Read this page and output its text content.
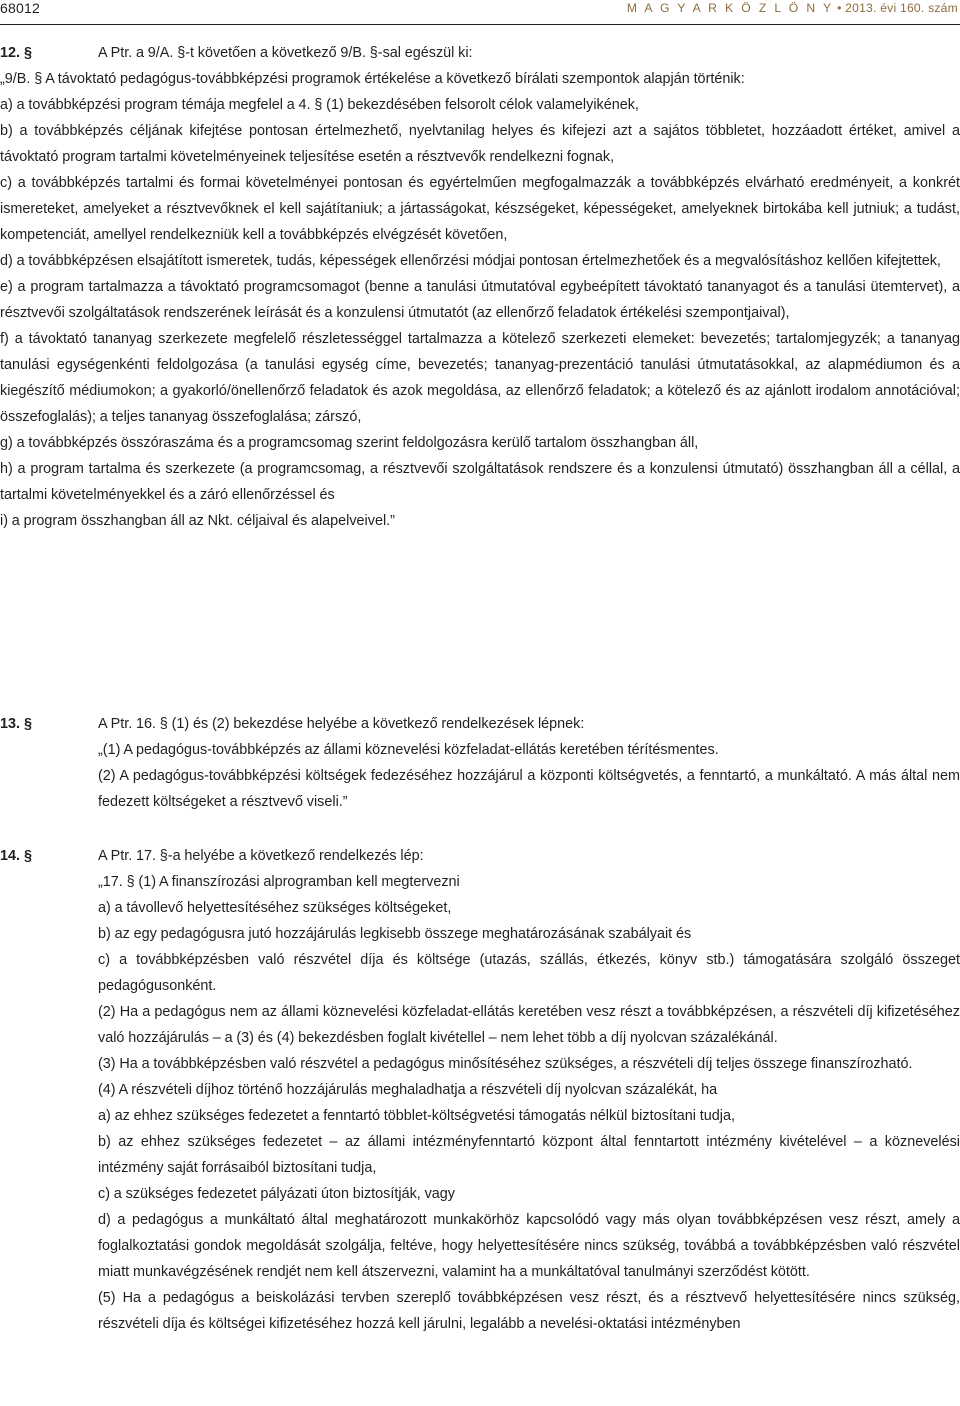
68012	M A G Y A R K Ö Z L Ö N Y • 2013. évi 160. szám
12. §	A Ptr. a 9/A. §-t követően a következő 9/B. §-sal egészül ki:

„9/B. § A távoktató pedagógus-továbbképzési programok értékelése a következő bírálati szempontok alapján történik:

a) a továbbképzési program témája megfelel a 4. § (1) bekezdésében felsorolt célok valamelyikének,

b) a továbbképzés céljának kifejtése pontosan értelmezhető, nyelvtanilag helyes és kifejezi azt a sajátos többletet, hozzáadott értéket, amivel a távoktató program tartalmi követelményeinek teljesítése esetén a résztvevők rendelkezni fognak,

c) a továbbképzés tartalmi és formai követelményei pontosan és egyértelműen megfogalmazzák a továbbképzés elvárható eredményeit, a konkrét ismereteket, amelyeket a résztvevőknek el kell sajátítaniuk; a jártasságokat, készségeket, képességeket, amelyeknek birtokába kell jutniuk; a tudást, kompetenciát, amellyel rendelkezniük kell a továbbképzés elvégzését követően,

d) a továbbképzésen elsajátított ismeretek, tudás, képességek ellenőrzési módjai pontosan értelmezhetőek és a megvalósításhoz kellően kifejtettek,

e) a program tartalmazza a távoktató programcsomagot (benne a tanulási útmutatóval egybeépített távoktató tananyagot és a tanulási ütemtervet), a résztvevői szolgáltatások rendszerének leírását és a konzulensi útmutatót (az ellenőrző feladatok értékelési szempontjaival),

f) a távoktató tananyag szerkezete megfelelő részletességgel tartalmazza a kötelező szerkezeti elemeket: bevezetés; tartalomjegyzék; a tananyag tanulási egységenkénti feldolgozása (a tanulási egység címe, bevezetés; tananyag-prezentáció tanulási útmutatásokkal, az alapmédiumon és a kiegészítő médiumokon; a gyakorló/önellenőrző feladatok és azok megoldása, az ellenőrző feladatok; a kötelező és az ajánlott irodalom annotációval; összefoglalás); a teljes tananyag összefoglalása; zárszó,

g) a továbbképzés összóraszáma és a programcsomag szerint feldolgozásra kerülő tartalom összhangban áll,

h) a program tartalma és szerkezete (a programcsomag, a résztvevői szolgáltatások rendszere és a konzulensi útmutató) összhangban áll a céllal, a tartalmi követelményekkel és a záró ellenőrzéssel és

i) a program összhangban áll az Nkt. céljaival és alapelveivel.”

13. §	A Ptr. 16. § (1) és (2) bekezdése helyébe a következő rendelkezések lépnek:

„(1) A pedagógus-továbbképzés az állami köznevelési közfeladat-ellátás keretében térítésmentes.

(2) A pedagógus-továbbképzési költségek fedezéséhez hozzájárul a központi költségvetés, a fenntartó, a munkáltató. A más által nem fedezett költségeket a résztvevő viseli.”

14. §	A Ptr. 17. §-a helyébe a következő rendelkezés lép:

„17. § (1) A finanszírozási alprogramban kell megtervezni

a) a távollevő helyettesítéséhez szükséges költségeket,

b) az egy pedagógusra jutó hozzájárulás legkisebb összege meghatározásának szabályait és

c) a továbbképzésben való részvétel díja és költsége (utazás, szállás, étkezés, könyv stb.) támogatására szolgáló összeget pedagógusonként.

(2) Ha a pedagógus nem az állami köznevelési közfeladat-ellátás keretében vesz részt a továbbképzésen, a részvételi díj kifizetéséhez való hozzájárulás – a (3) és (4) bekezdésben foglalt kivétellel – nem lehet több a díj nyolcvan százalékánál.

(3) Ha a továbbképzésben való részvétel a pedagógus minősítéséhez szükséges, a részvételi díj teljes összege finanszírozható.

(4) A részvételi díjhoz történő hozzájárulás meghaladhatja a részvételi díj nyolcvan százalékát, ha

a) az ehhez szükséges fedezetet a fenntartó többlet-költségvetési támogatás nélkül biztosítani tudja,

b) az ehhez szükséges fedezetet – az állami intézményfenntartó központ által fenntartott intézmény kivételével – a köznevelési intézmény saját forrásaiból biztosítani tudja,

c) a szükséges fedezetet pályázati úton biztosítják, vagy

d) a pedagógus a munkáltató által meghatározott munkakörhöz kapcsolódó vagy más olyan továbbképzésen vesz részt, amely a foglalkoztatási gondok megoldását szolgálja, feltéve, hogy helyettesítésére nincs szükség, továbbá a továbbképzésben való részvétel miatt munkavégzésének rendjét nem kell átszervezni, valamint ha a munkáltatóval tanulmányi szerződést kötött.

(5) Ha a pedagógus a beiskolázási tervben szereplő továbbképzésen vesz részt, és a résztvevő helyettesítésére nincs szükség, részvételi díja és költségei kifizetéséhez hozzá kell járulni, legalább a nevelési-oktatási intézményben
